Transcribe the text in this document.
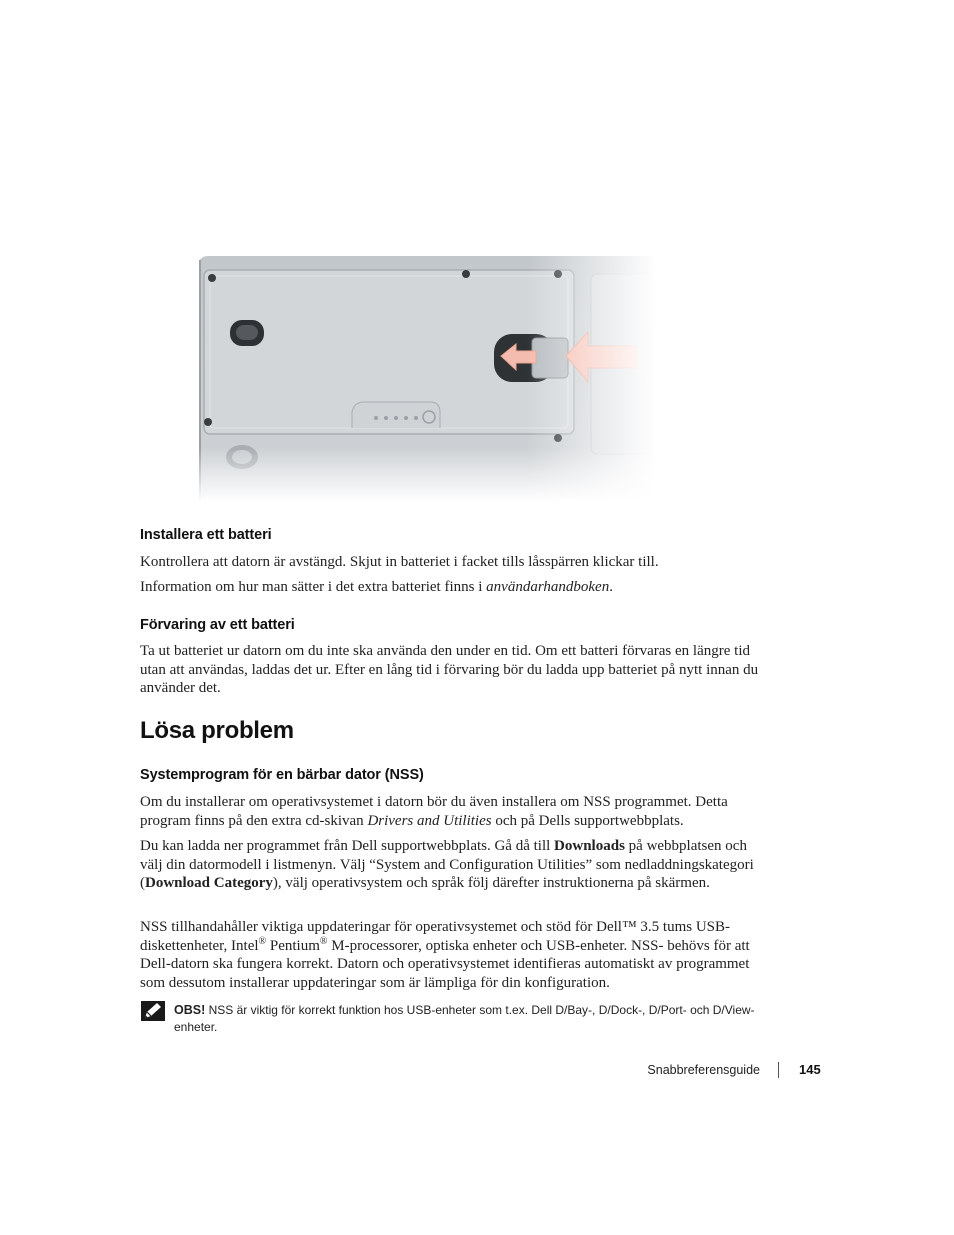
Installera ett batteri

Kontrollera att datorn är avstängd. Skjut in batteriet i facket tills låsspärren klickar till.

Information om hur man sätter i det extra batteriet finns i användarhandboken.

Förvaring av ett batteri

Ta ut batteriet ur datorn om du inte ska använda den under en tid. Om ett batteri förvaras en längre tid utan att användas, laddas det ur. Efter en lång tid i förvaring bör du ladda upp batteriet på nytt innan du använder det.

Lösa problem
Systemprogram för en bärbar dator (NSS)

Om du installerar om operativsystemet i datorn bör du även installera om NSS programmet. Detta program finns på den extra cd-skivan Drivers and Utilities och på Dells supportwebbplats.

Du kan ladda ner programmet från Dell supportwebbplats. Gå då till Downloads på webbplatsen och välj din datormodell i listmenyn. Välj “System and Configuration Utilities” som nedladdningskategori (Download Category), välj operativsystem och språk följ därefter instruktionerna på skärmen.

NSS tillhandahåller viktiga uppdateringar för operativsystemet och stöd för Dell™ 3.5 tums USB-diskettenheter, Intel® Pentium® M-processorer, optiska enheter och USB-enheter. NSS- behövs för att Dell-datorn ska fungera korrekt. Datorn och operativsystemet identifieras automatiskt av programmet som dessutom installerar uppdateringar som är lämpliga för din konfiguration.

OBS! NSS är viktig för korrekt funktion hos USB-enheter som t.ex. Dell D/Bay-, D/Dock-, D/Port- och D/View-enheter.

Snabbreferensguide	145
